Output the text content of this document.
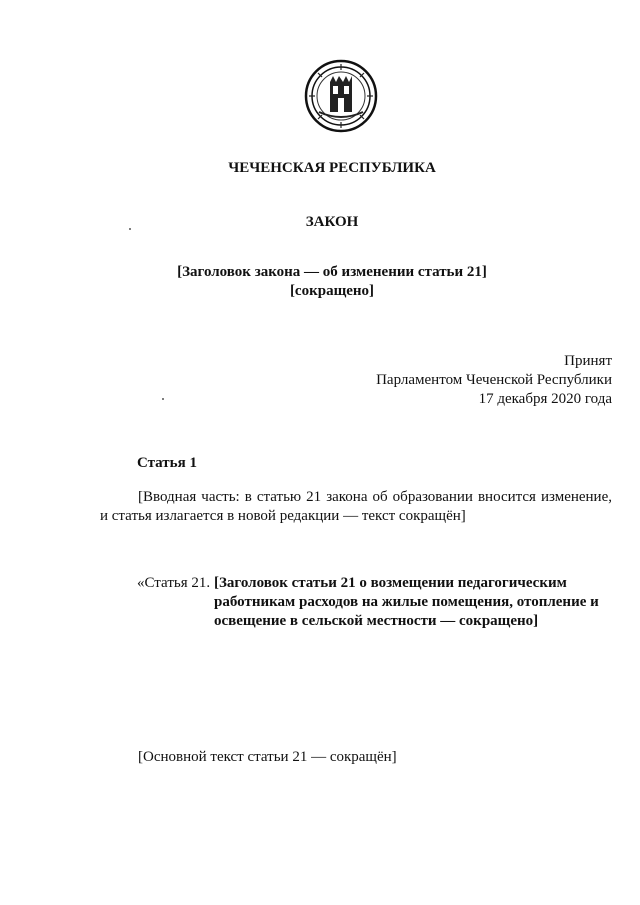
ЧЕЧЕНСКАЯ РЕСПУБЛИКА
ЗАКОН
[Заголовок закона — об изменении статьи 21]
[сокращено]
Принят
Парламентом Чеченской Республики
17 декабря 2020 года
Статья 1
[Вводная часть: в статью 21 закона об образовании вносится изменение, и статья излагается в новой редакции — текст сокращён]
«Статья 21. [Заголовок статьи 21 о возмещении педагогическим работникам расходов на жилые помещения, отопление и освещение в сельской местности — сокращено]
[Основной текст статьи 21 — сокращён]
